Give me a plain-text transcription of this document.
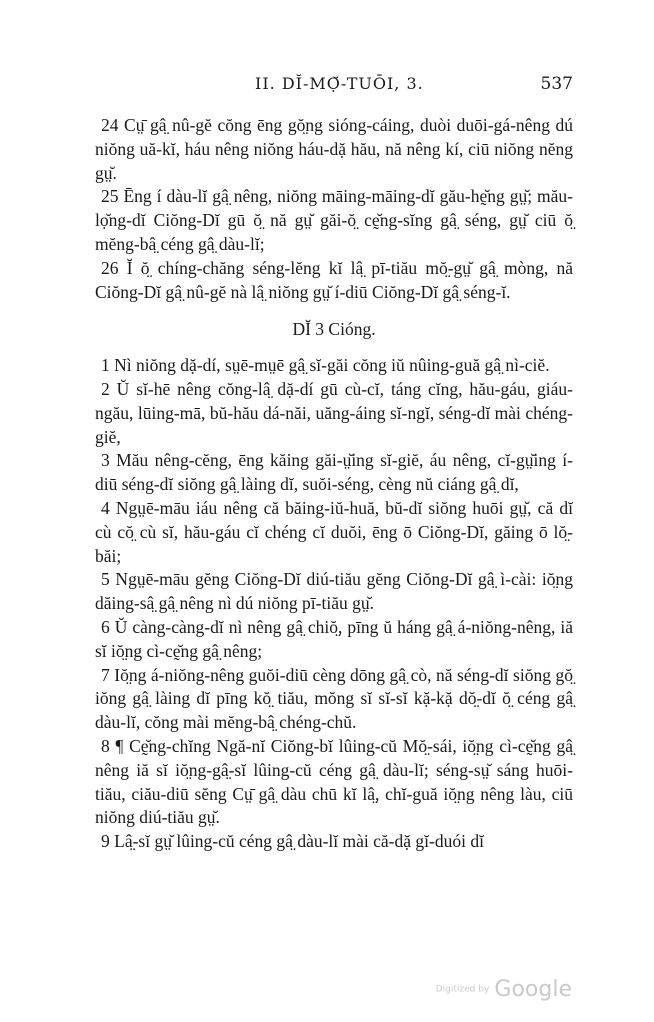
II. DĬ-MỌ̆-TUŌI, 3.	537

24 Cṳ̄ gâ̤ nû-gĕ cŏng ēng gŏ̤ng sióng-cáing, duòi duōi-gá-nêng dú niŏng uă-kĭ, háu nêng niŏng háu-dặ hău, nă nêng kí, ciū niŏng nĕng gṳ̆.

25 Ēng í dàu-lĭ gâ̤ nêng, niŏng māing-māing-dĭ gău-hḛ̆ng gṳ̆; mău-lọ̆ng-dĭ Ciŏng-Dĭ gū ŏ̤ nă gṳ̆ găi-ŏ̤ cḛ̆ng-sĭng gâ̤ séng, gṳ̆ ciū ŏ̤ mĕng-bâ̤ céng gâ̤ dàu-lĭ;

26 Ĭ ŏ̤ chíng-chăng séng-lĕng kĭ lâ̤ pī-tiău mŏ̤-gṳ̆ gâ̤ mòng, nă Ciŏng-Dĭ gâ̤ nû-gĕ nà lâ̤ niŏng gṳ̆ í-diū Ciŏng-Dĭ gâ̤ séng-ĭ.

DĬ 3 Cióng.

1 Nì niŏng dặ-dí, sṳē-mṳē gâ̤ sĭ-găi cŏng iŭ nûing-guă gâ̤ nì-ciĕ.

2 Ŭ sĭ-hē nêng cŏng-lâ̤ dặ-dí gū cù-cĭ, táng cĭng, hău-gáu, giáu-ngău, lūing-mā, bŭ-hău dá-năi, uăng-áing sĭ-ngĭ, séng-dĭ mài chéng-giĕ,

3 Mău nêng-cĕng, ēng kăing găi-ṳ̆ing sĭ-giĕ, áu nêng, cĭ-gṳ̆ing í-diū séng-dĭ siŏng gâ̤ làing dĭ, suŏi-séng, cèng nŭ ciáng gâ̤ dĭ,

4 Ngṳē-māu iáu nêng că băing-iŭ-huă, bŭ-dĭ siŏng huōi gṳ̆, că dĭ cù cŏ̤ cù sĭ, hău-gáu cĭ chéng cĭ duŏi, ēng ō Ciŏng-Dĭ, găing ō lŏ̤-băi;

5 Ngṳē-māu gĕng Ciŏng-Dĭ diú-tiău gĕng Ciŏng-Dĭ gâ̤ ì-cài: iŏ̤ng dăing-sâ̤ gâ̤ nêng nì dú niŏng pī-tiău gṳ̆.

6 Ŭ càng-càng-dĭ nì nêng gâ̤ chiŏ̤, pīng ŭ háng gâ̤ á-niŏng-nêng, iă sĭ iŏ̤ng cì-cḛ̆ng gâ̤ nêng;

7 Iŏ̤ng á-niŏng-nêng guŏi-diū cèng dōng gâ̤ cò, nă séng-dĭ siŏng gŏ̤ iŏng gâ̤ làing dĭ pīng kŏ̤ tiău, mŏng sĭ sĭ-sĭ kặ-kặ dŏ̤-dĭ ŏ̤ céng gâ̤ dàu-lĭ, cŏng mài mĕng-bâ̤ chéng-chŭ.

8 ¶ Cḛ̆ng-chĭng Ngă-nĭ Ciŏng-bĭ lûing-cŭ Mŏ̤-sái, iŏ̤ng cì-cḛ̆ng gâ̤ nêng iă sĭ iŏ̤ng-gâ̤-sĭ lûing-cŭ céng gâ̤ dàu-lĭ; séng-sṳ̆ sáng huōi-tiău, ciău-diū sĕng Cṳ̄ gâ̤ dàu chū kĭ lâ̤, chĭ-guă iŏ̤ng nêng làu, ciū niŏng diú-tiău gṳ̆.

9 Lâ̤-sĭ gṳ̆ lûing-cŭ céng gâ̤ dàu-lĭ mài că-dặ gĭ-duói dĭ

Digitized by Google
